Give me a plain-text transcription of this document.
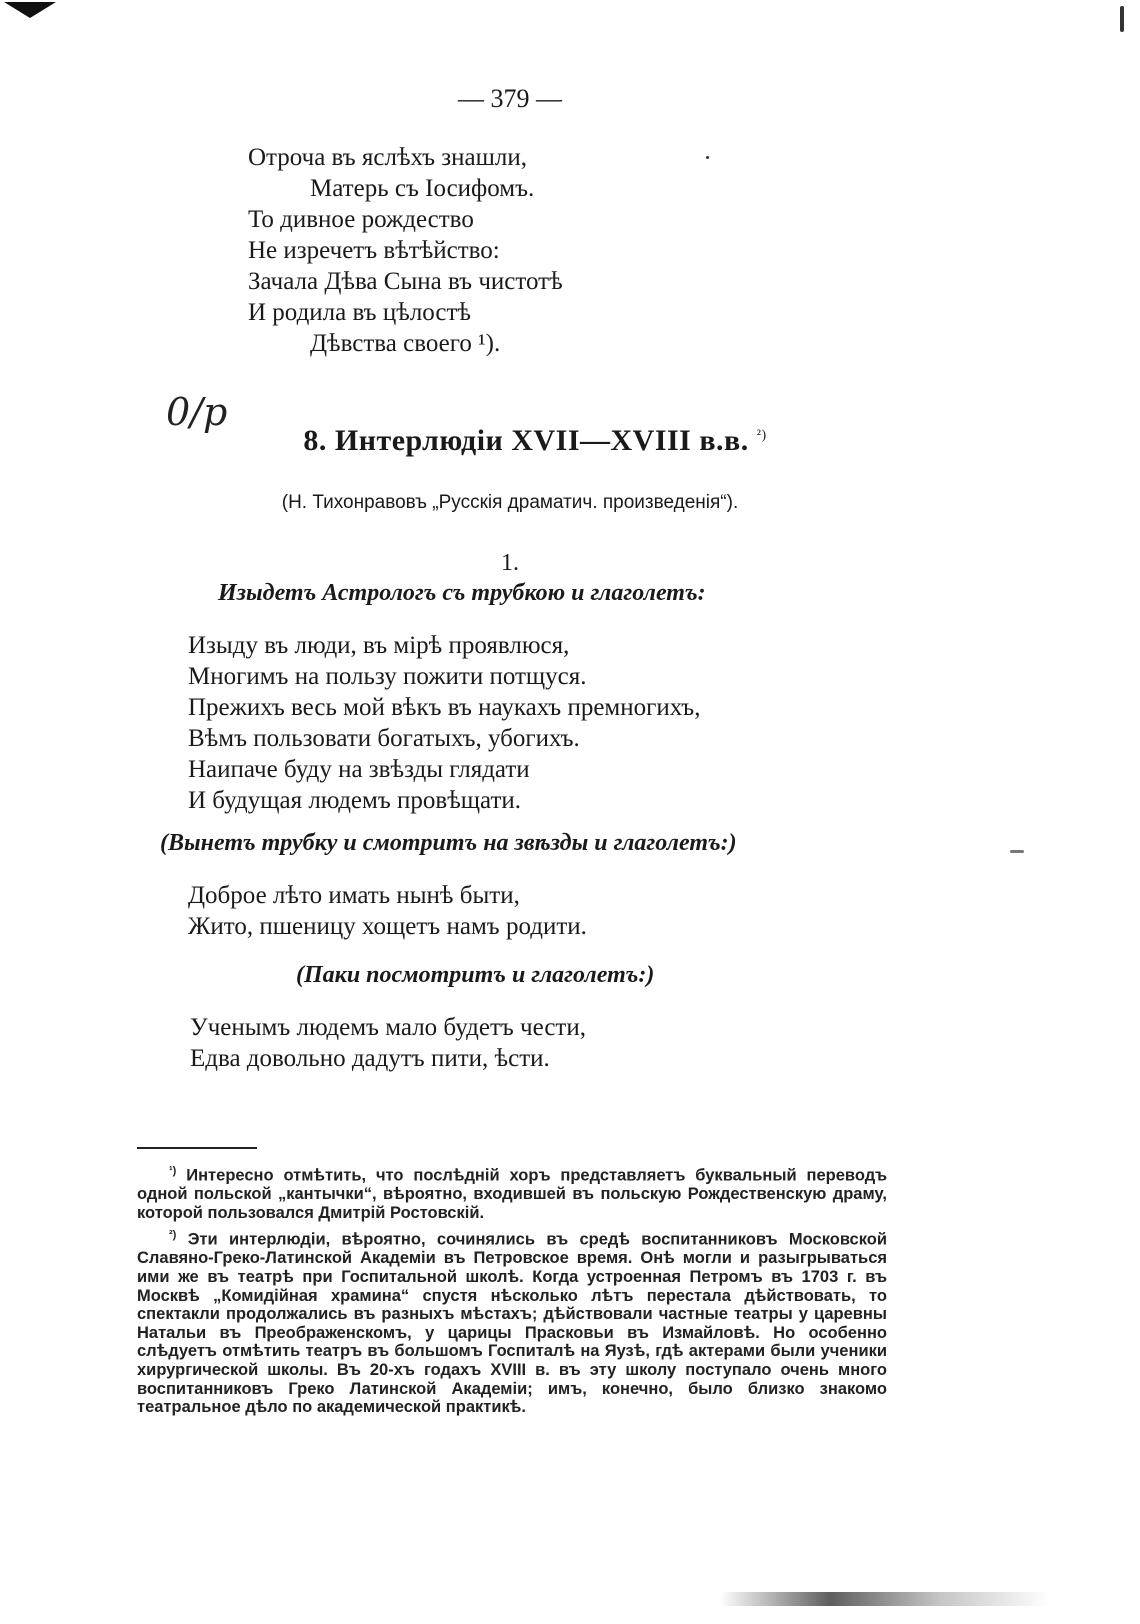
— 379 —
Отроча въ яслѣхъ знашли,
Матерь съ Іосифомъ.
То дивное рождество
Не изречетъ вѣтѣйство:
Зачала Дѣва Сына въ чистотѣ
И родила въ цѣлостѣ
Дѣвства своего ¹).
0/р
8. Интерлюдіи XVII—XVIII в.в. $^{^2)}$
(Н. Тихонравовъ „Русскія драматич. произведенія“).
1.
Изыдетъ Астрологъ съ трубкою и глаголетъ:
Изыду въ люди, въ мірѣ проявлюся,
Многимъ на пользу пожити потщуся.
Прежихъ весь мой вѣкъ въ наукахъ премногихъ,
Вѣмъ пользовати богатыхъ, убогихъ.
Наипаче буду на звѣзды глядати
И будущая людемъ провѣщати.
(Вынетъ трубку и смотритъ на звѣзды и глаголетъ:)
Доброе лѣто имать нынѣ быти,
Жито, пшеницу хощетъ намъ родити.
(Паки посмотритъ и глаголетъ:)
Ученымъ людемъ мало будетъ чести,
Едва довольно дадутъ пити, ѣсти.

$^{^1)}$ Интересно отмѣтить, что послѣдній хоръ представляетъ буквальный переводъ одной польской „кантычки“, вѣроятно, входившей въ польскую Рождественскую драму, которой пользовался Дмитрій Ростовскій.

$^{^2)}$ Эти интерлюдіи, вѣроятно, сочинялись въ средѣ воспитанниковъ Московской Славяно-Греко-Латинской Академіи въ Петровское время. Онѣ могли и разыгрываться ими же въ театрѣ при Госпитальной школѣ. Когда устроенная Петромъ въ 1703 г. въ Москвѣ „Комидійная храмина“ спустя нѣсколько лѣтъ перестала дѣйствовать, то спектакли продолжались въ разныхъ мѣстахъ; дѣйствовали частные театры у царевны Натальи въ Преображенскомъ, у царицы Прасковьи въ Измайловѣ. Но особенно слѣдуетъ отмѣтить театръ въ большомъ Госпиталѣ на Яузѣ, гдѣ актерами были ученики хирургической школы. Въ 20-хъ годахъ XVIII в. въ эту школу поступало очень много воспитанниковъ Греко Латинской Академіи; имъ, конечно, было близко знакомо театральное дѣло по академической практикѣ.
